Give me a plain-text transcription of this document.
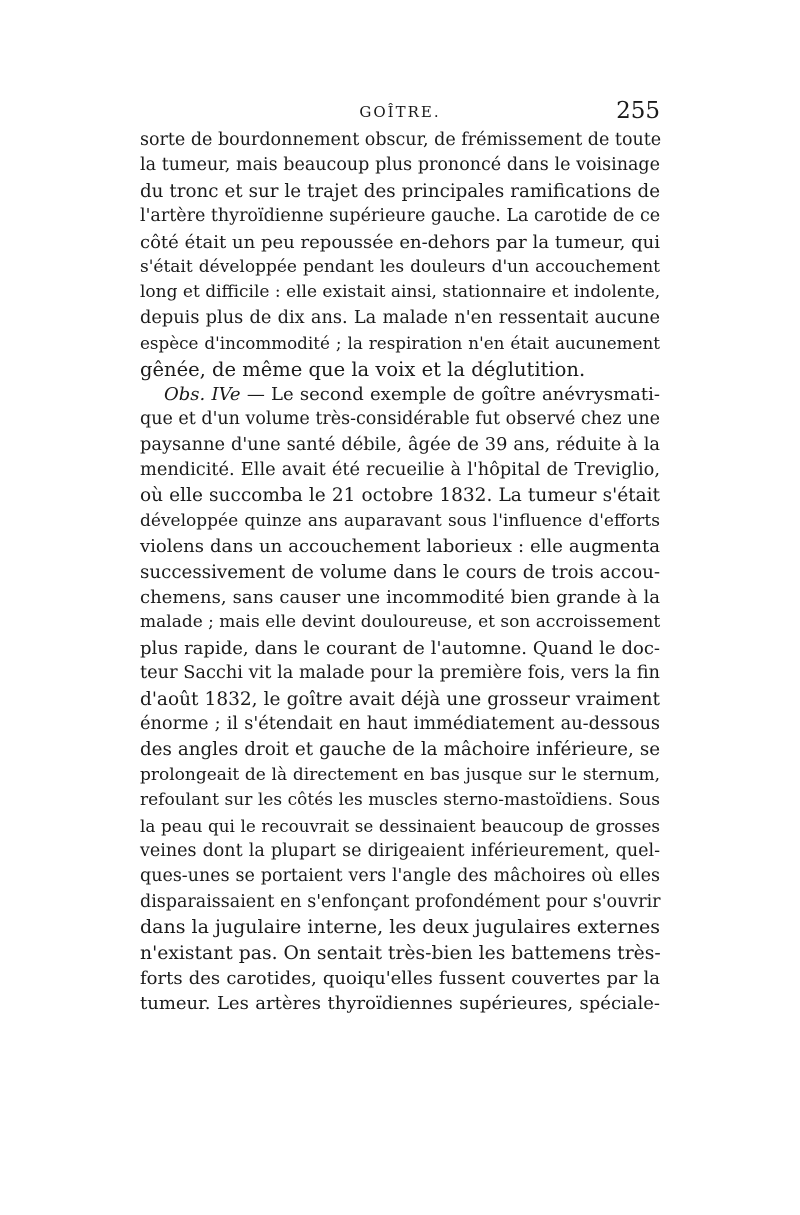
GOÎTRE.	255
sorte de bourdonnement obscur, de frémissement de toute
la tumeur, mais beaucoup plus prononcé dans le voisinage
du tronc et sur le trajet des principales ramifications de
l'artère thyroïdienne supérieure gauche. La carotide de ce
côté était un peu repoussée en-dehors par la tumeur, qui
s'était développée pendant les douleurs d'un accouchement
long et difficile : elle existait ainsi, stationnaire et indolente,
depuis plus de dix ans. La malade n'en ressentait aucune
espèce d'incommodité ; la respiration n'en était aucunement
gênée, de même que la voix et la déglutition.
Obs. IVe — Le second exemple de goître anévrysmati-
que et d'un volume très-considérable fut observé chez une
paysanne d'une santé débile, âgée de 39 ans, réduite à la
mendicité. Elle avait été recueilie à l'hôpital de Treviglio,
où elle succomba le 21 octobre 1832. La tumeur s'était
développée quinze ans auparavant sous l'influence d'efforts
violens dans un accouchement laborieux : elle augmenta
successivement de volume dans le cours de trois accou-
chemens, sans causer une incommodité bien grande à la
malade ; mais elle devint douloureuse, et son accroissement
plus rapide, dans le courant de l'automne. Quand le doc-
teur Sacchi vit la malade pour la première fois, vers la fin
d'août 1832, le goître avait déjà une grosseur vraiment
énorme ; il s'étendait en haut immédiatement au-dessous
des angles droit et gauche de la mâchoire inférieure, se
prolongeait de là directement en bas jusque sur le sternum,
refoulant sur les côtés les muscles sterno-mastoïdiens. Sous
la peau qui le recouvrait se dessinaient beaucoup de grosses
veines dont la plupart se dirigeaient inférieurement, quel-
ques-unes se portaient vers l'angle des mâchoires où elles
disparaissaient en s'enfonçant profondément pour s'ouvrir
dans la jugulaire interne, les deux jugulaires externes
n'existant pas. On sentait très-bien les battemens très-
forts des carotides, quoiqu'elles fussent couvertes par la
tumeur. Les artères thyroïdiennes supérieures, spéciale-
